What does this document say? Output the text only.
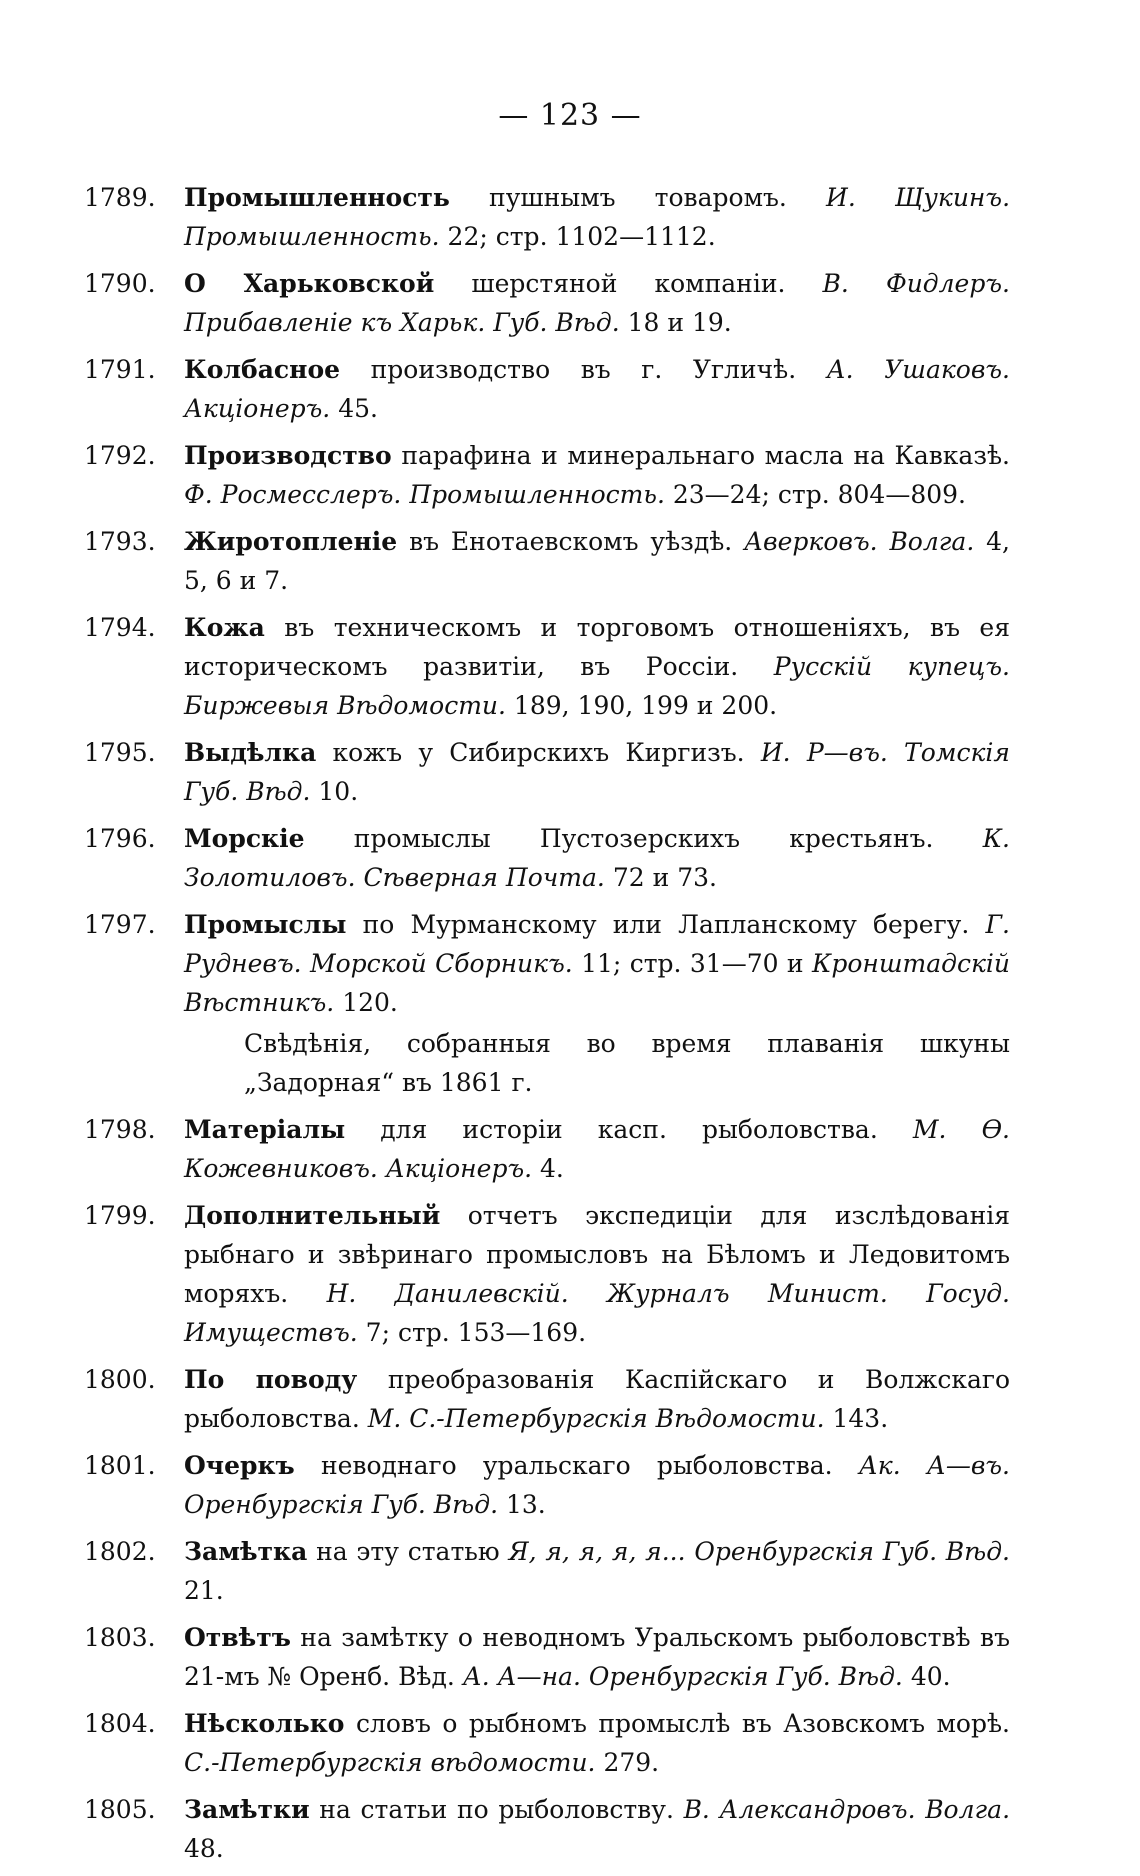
— 123 —
1789.	Промышленность пушнымъ товаромъ. И. Щукинъ. Промышленность. 22; стр. 1102—1112.
1790.	О Харьковской шерстяной компаніи. В. Фидлеръ. Прибавленіе къ Харьк. Губ. Вѣд. 18 и 19.
1791.	Колбасное производство въ г. Угличѣ. А. Ушаковъ. Акціонеръ. 45.
1792.	Производство парафина и минеральнаго масла на Кавказѣ. Ф. Росмесслеръ. Промышленность. 23—24; стр. 804—809.
1793.	Жиротопленіе въ Енотаевскомъ уѣздѣ. Аверковъ. Волга. 4, 5, 6 и 7.
1794.	Кожа въ техническомъ и торговомъ отношеніяхъ, въ ея историческомъ развитіи, въ Россіи. Русскій купецъ. Биржевыя Вѣдомости. 189, 190, 199 и 200.
1795.	Выдѣлка кожъ у Сибирскихъ Киргизъ. И. Р—въ. Томскія Губ. Вѣд. 10.
1796.	Морскіе промыслы Пустозерскихъ крестьянъ. К. Золотиловъ. Сѣверная Почта. 72 и 73.
1797.	Промыслы по Мурманскому или Лапланскому берегу. Г. Рудневъ. Морской Сборникъ. 11; стр. 31—70 и Кронштадскій Вѣстникъ. 120.
Свѣдѣнія, собранныя во время плаванія шкуны „Задорная“ въ 1861 г.
1798.	Матеріалы для исторіи касп. рыболовства. М. Ѳ. Кожевниковъ. Акціонеръ. 4.
1799.	Дополнительный отчетъ экспедиціи для изслѣдованія рыбнаго и звѣринаго промысловъ на Бѣломъ и Ледовитомъ моряхъ. Н. Данилевскій. Журналъ Минист. Госуд. Имуществъ. 7; стр. 153—169.
1800.	По поводу преобразованія Каспійскаго и Волжскаго рыболовства. М. С.-Петербургскія Вѣдомости. 143.
1801.	Очеркъ неводнаго уральскаго рыболовства. Ак. А—въ. Оренбургскія Губ. Вѣд. 13.
1802.	Замѣтка на эту статью Я, я, я, я, я... Оренбургскія Губ. Вѣд. 21.
1803.	Отвѣтъ на замѣтку о неводномъ Уральскомъ рыболовствѣ въ 21-мъ № Оренб. Вѣд. А. А—на. Оренбургскія Губ. Вѣд. 40.
1804.	Нѣсколько словъ о рыбномъ промыслѣ въ Азовскомъ морѣ. С.-Петербургскія вѣдомости. 279.
1805.	Замѣтки на статьи по рыболовству. В. Александровъ. Волга. 48.
